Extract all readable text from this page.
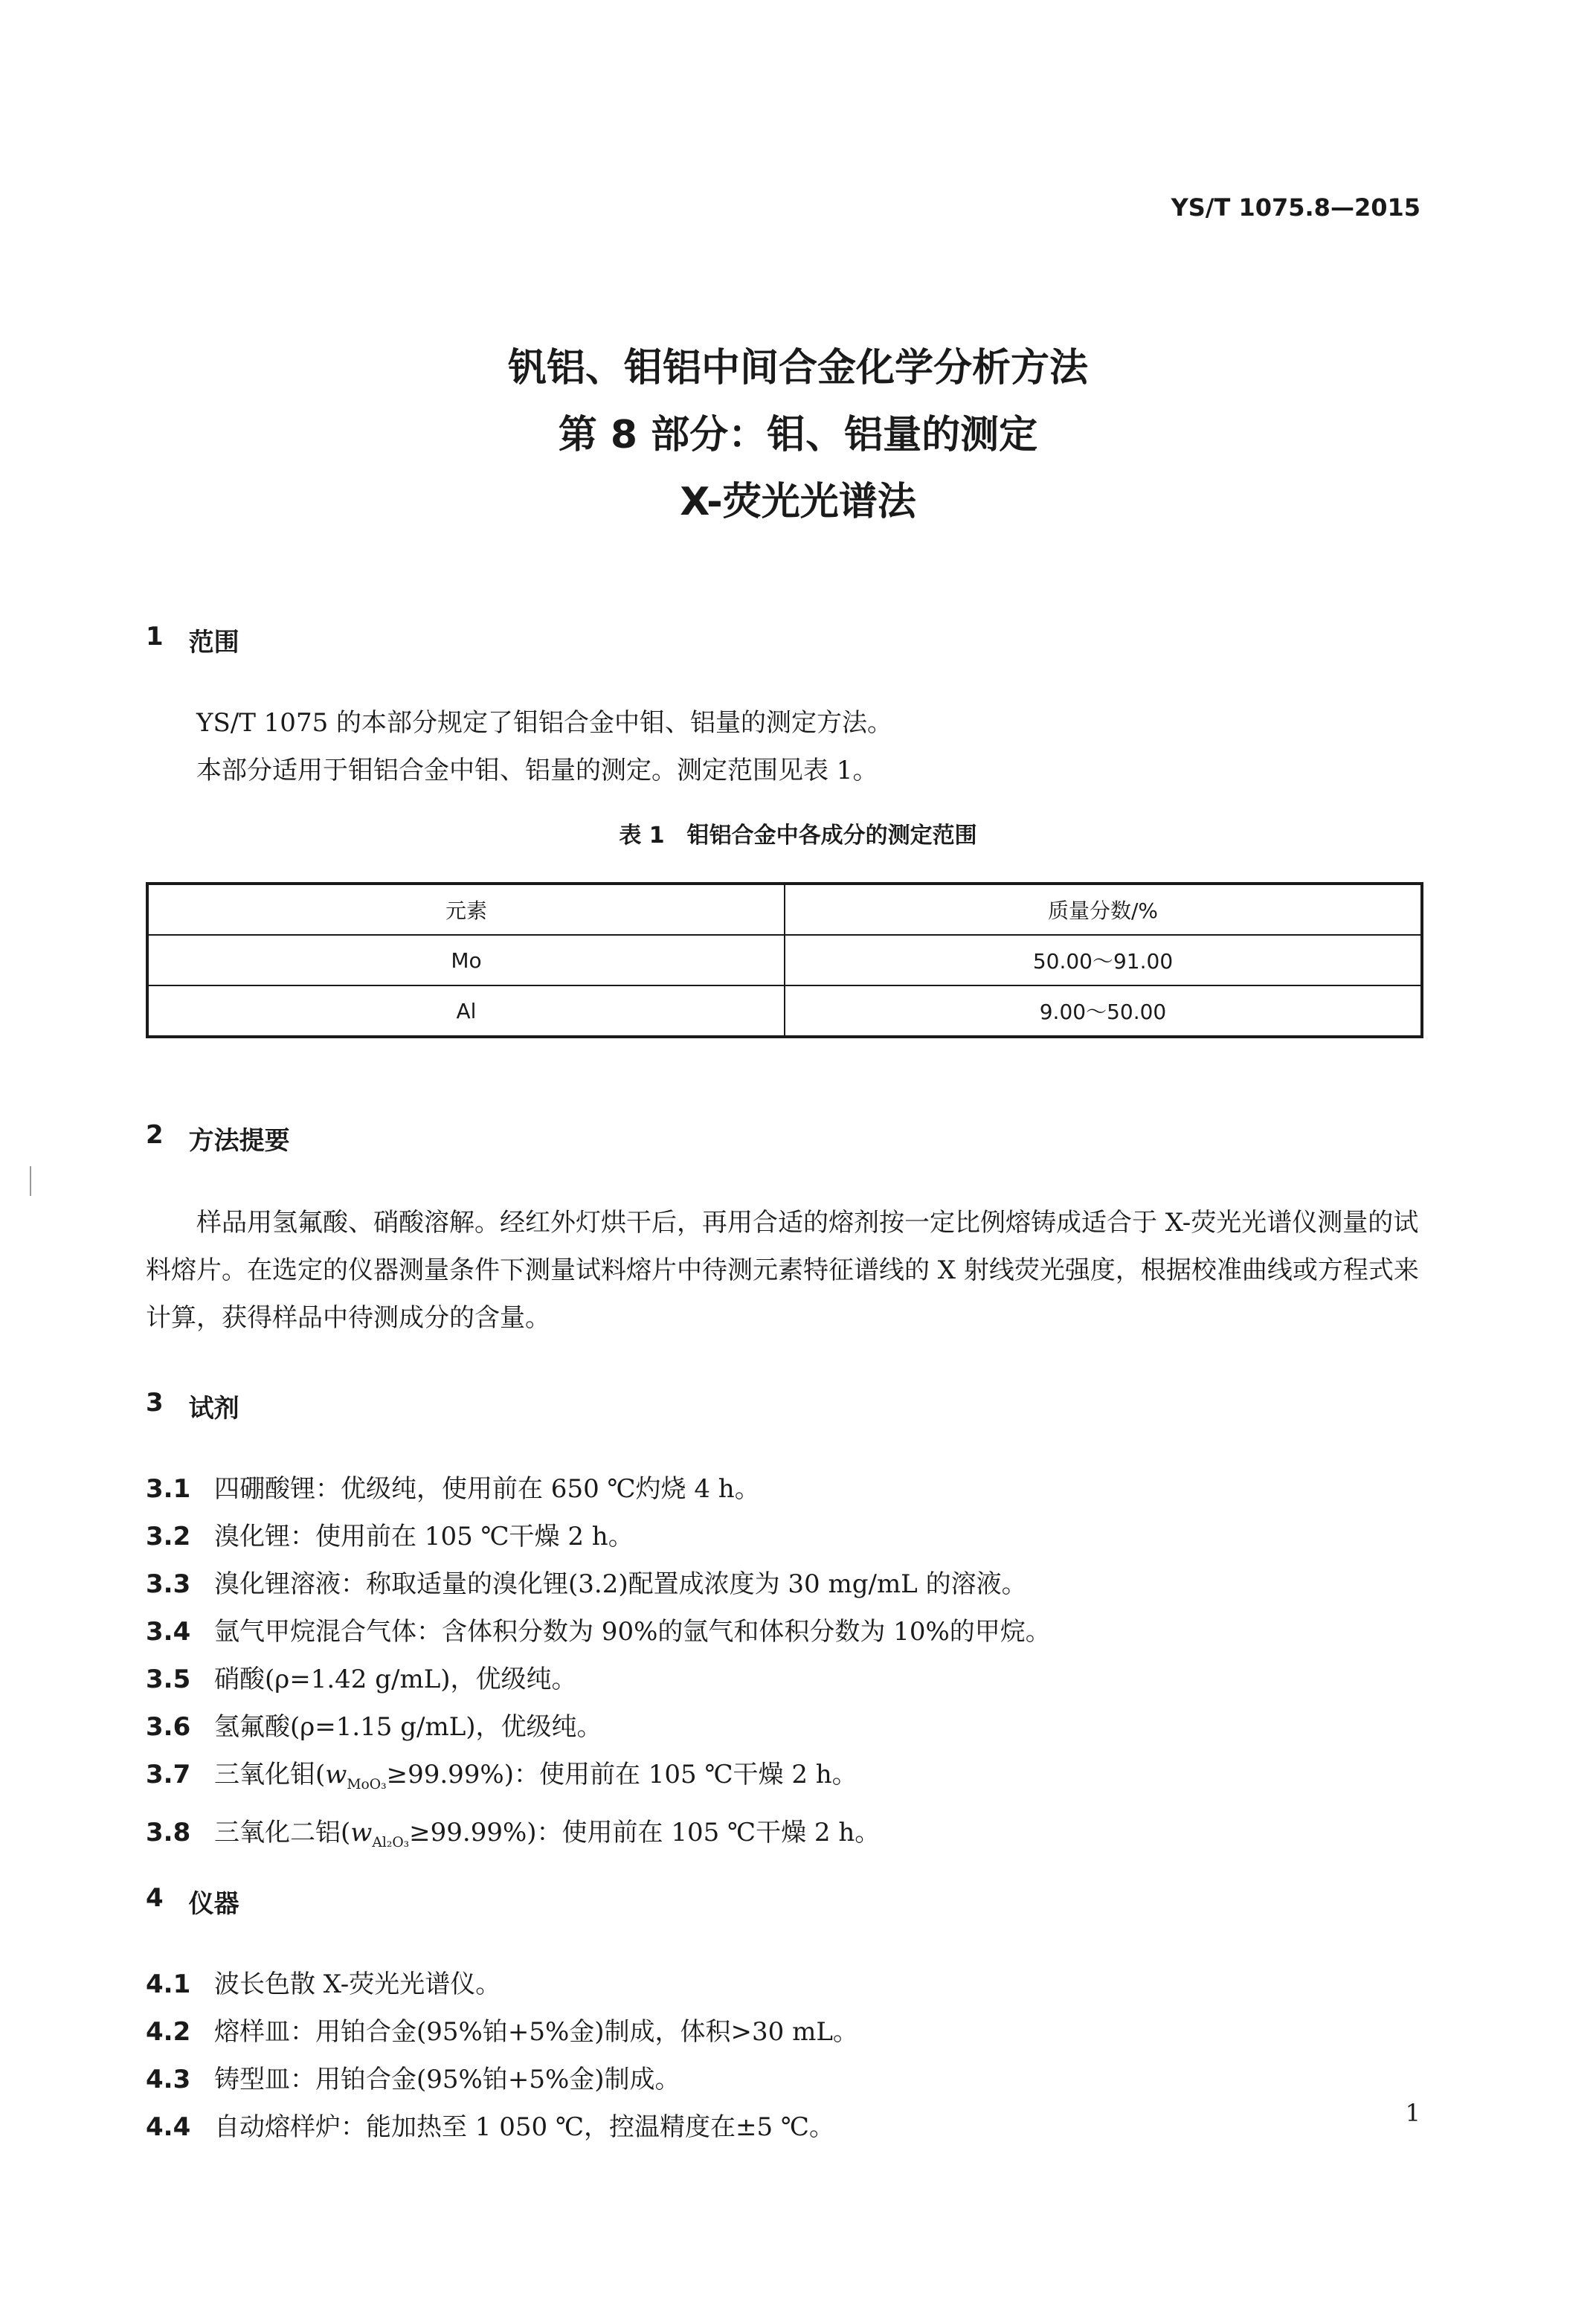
YS/T 1075.8—2015
钒铝、钼铝中间合金化学分析方法
第 8 部分：钼、铝量的测定
X-荧光光谱法
1 范围
YS/T 1075 的本部分规定了钼铝合金中钼、铝量的测定方法。
本部分适用于钼铝合金中钼、铝量的测定。测定范围见表 1。
表 1　钼铝合金中各成分的测定范围
元素	质量分数/%
Mo	50.00～91.00
Al	9.00～50.00
2 方法提要
样品用氢氟酸、硝酸溶解。经红外灯烘干后，再用合适的熔剂按一定比例熔铸成适合于 X-荧光光谱仪测量的试料熔片。在选定的仪器测量条件下测量试料熔片中待测元素特征谱线的 X 射线荧光强度，根据校准曲线或方程式来计算，获得样品中待测成分的含量。
3 试剂
3.1 四硼酸锂：优级纯，使用前在 650 ℃灼烧 4 h。
3.2 溴化锂：使用前在 105 ℃干燥 2 h。
3.3 溴化锂溶液：称取适量的溴化锂(3.2)配置成浓度为 30 mg/mL 的溶液。
3.4 氩气甲烷混合气体：含体积分数为 90%的氩气和体积分数为 10%的甲烷。
3.5 硝酸(ρ=1.42 g/mL)，优级纯。
3.6 氢氟酸(ρ=1.15 g/mL)，优级纯。
3.7 三氧化钼$(w_{MoO_3}\ge 99.99\%)$：使用前在 105 ℃干燥 2 h。
3.8 三氧化二铝$(w_{Al_2O_3}\ge 99.99\%)$：使用前在 105 ℃干燥 2 h。
4 仪器
4.1 波长色散 X-荧光光谱仪。
4.2 熔样皿：用铂合金(95%铂+5%金)制成，体积>30 mL。
4.3 铸型皿：用铂合金(95%铂+5%金)制成。
4.4 自动熔样炉：能加热至 1 050 ℃，控温精度在±5 ℃。	1
